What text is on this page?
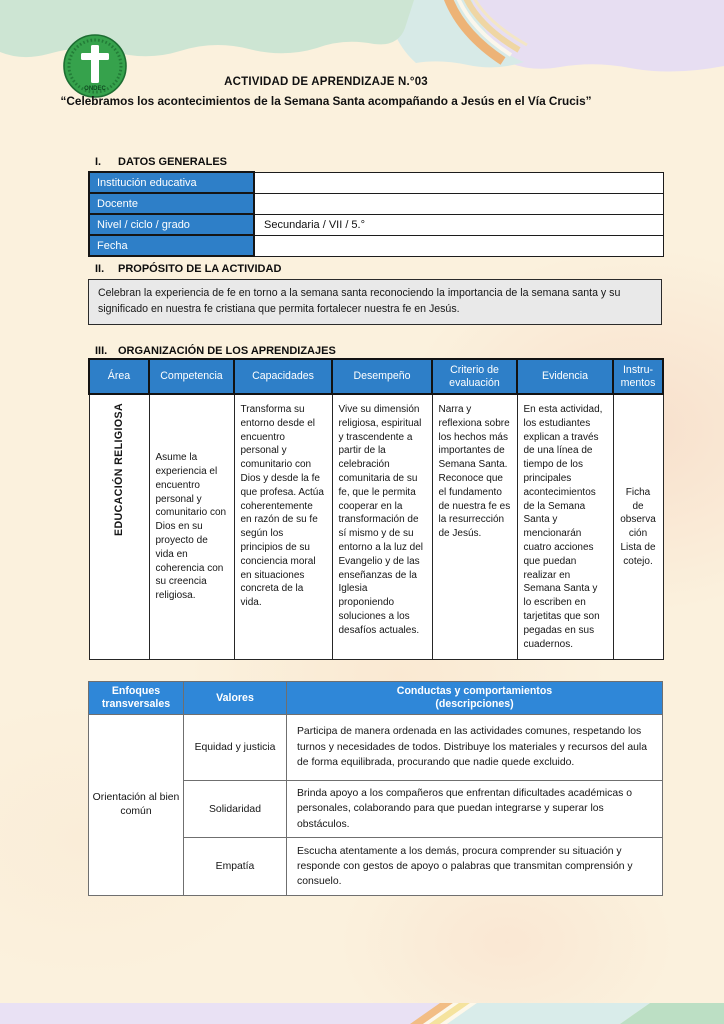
ONDEC
ACTIVIDAD DE APRENDIZAJE N.°03
“Celebramos los acontecimientos de la Semana Santa acompañando a Jesús en el Vía Crucis”
I. DATOS GENERALES
Institución educativa	
Docente	
Nivel / ciclo / grado	Secundaria / VII / 5.°
Fecha	
II. PROPÓSITO DE LA ACTIVIDAD
Celebran la experiencia de fe en torno a la semana santa reconociendo la importancia de la semana santa y su significado en nuestra fe cristiana que permita fortalecer nuestra fe en Jesús.
III. ORGANIZACIÓN DE LOS APRENDIZAJES
Área	Competencia	Capacidades	Desempeño	Criterio de evaluación	Evidencia	Instru- mentos
EDUCACIÓN RELIGIOSA	Asume la experiencia el encuentro personal y comunitario con Dios en su proyecto de vida en coherencia con su creencia religiosa.	Transforma su entorno desde el encuentro personal y comunitario con Dios y desde la fe que profesa. Actúa coherentemente en razón de su fe según los principios de su conciencia moral en situaciones concreta de la vida.	Vive su dimensión religiosa, espiritual y trascendente a partir de la celebración comunitaria de su fe, que le permita cooperar en la transformación de sí mismo y de su entorno a la luz del Evangelio y de las enseñanzas de la Iglesia proponiendo soluciones a los desafíos actuales.	Narra y reflexiona sobre los hechos más importantes de Semana Santa. Reconoce que el fundamento de nuestra fe es la resurrección de Jesús.	En esta actividad, los estudiantes explican a través de una línea de tiempo de los principales acontecimientos de la Semana Santa y mencionarán cuatro acciones que puedan realizar en Semana Santa y lo escriben en tarjetitas que son pegadas en sus cuadernos.	Ficha de observa ción Lista de cotejo.
Enfoques transversales	Valores	Conductas y comportamientos
(descripciones)

Orientación al bien común	Equidad y justicia	Participa de manera ordenada en las actividades comunes, respetando los turnos y necesidades de todos. Distribuye los materiales y recursos del aula de forma equilibrada, procurando que nadie quede excluido.
	Solidaridad	Brinda apoyo a los compañeros que enfrentan dificultades académicas o personales, colaborando para que puedan integrarse y superar los obstáculos.
	Empatía	Escucha atentamente a los demás, procura comprender su situación y responde con gestos de apoyo o palabras que transmitan comprensión y consuelo.
